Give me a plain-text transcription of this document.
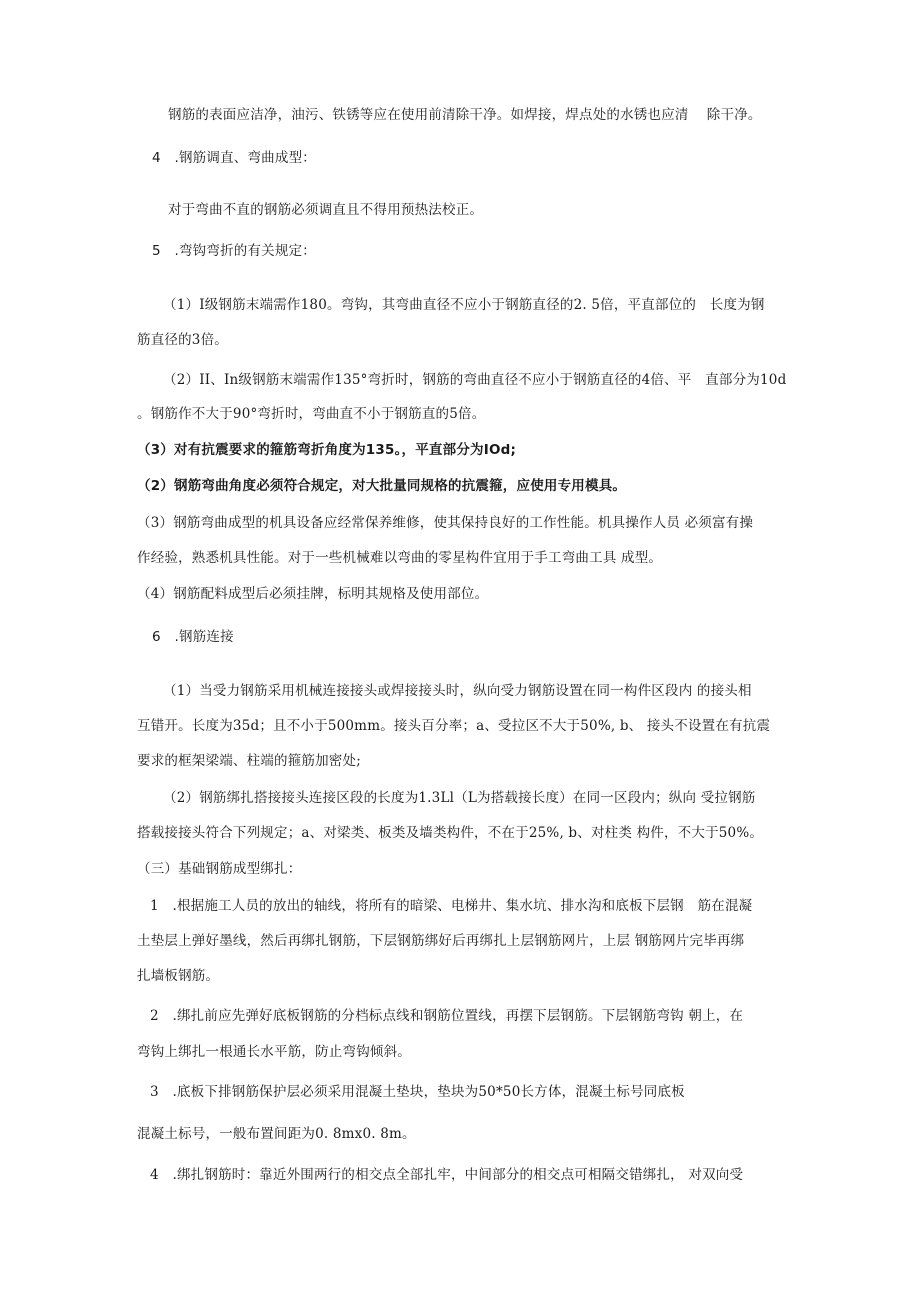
钢筋的表面应洁净，油污、铁锈等应在使用前清除干净。如焊接，焊点处的水锈也应清　 除干净。

4　.钢筋调直、弯曲成型：

对于弯曲不直的钢筋必须调直且不得用预热法校正。

5　.弯钩弯折的有关规定：

（1）I级钢筋末端需作180。弯钩，其弯曲直径不应小于钢筋直径的2. 5倍，平直部位的　长度为钢

筋直径的3倍。

（2）II、In级钢筋末端需作135°弯折时，钢筋的弯曲直径不应小于钢筋直径的4倍、平　直部分为10d

。钢筋作不大于90°弯折时，弯曲直不小于钢筋直的5倍。

（3）对有抗震要求的箍筋弯折角度为135。，平直部分为IOd;

（2）钢筋弯曲角度必须符合规定，对大批量同规格的抗震箍，应使用专用模具。

（3）钢筋弯曲成型的机具设备应经常保养维修，使其保持良好的工作性能。机具操作人员 必须富有操

作经验，熟悉机具性能。对于一些机械难以弯曲的零星构件宜用于手工弯曲工具 成型。

（4）钢筋配料成型后必须挂牌，标明其规格及使用部位。

6　.钢筋连接

（1）当受力钢筋采用机械连接接头或焊接接头时，纵向受力钢筋设置在同一构件区段内 的接头相

互错开。长度为35d；且不小于500mm。接头百分率；a、受拉区不大于50%, b、 接头不设置在有抗震

要求的框架梁端、柱端的箍筋加密处;

（2）钢筋绑扎搭接接头连接区段的长度为1.3Ll（L为搭载接长度）在同一区段内；纵向 受拉钢筋

搭载接接头符合下列规定；a、对梁类、板类及墙类构件，不在于25%, b、对柱类 构件，不大于50%。

（三）基础钢筋成型绑扎：

1　.根据施工人员的放出的轴线，将所有的暗梁、电梯井、集水坑、排水沟和底板下层钢　筋在混凝

土垫层上弹好墨线，然后再绑扎钢筋，下层钢筋绑好后再绑扎上层钢筋网片，上层 钢筋网片完毕再绑

扎墙板钢筋。

2　.绑扎前应先弹好底板钢筋的分档标点线和钢筋位置线，再摆下层钢筋。下层钢筋弯钩 朝上，在

弯钩上绑扎一根通长水平筋，防止弯钩倾斜。

3　.底板下排钢筋保护层必须采用混凝土垫块，垫块为50*50长方体，混凝土标号同底板

混凝土标号，一般布置间距为0. 8mx0. 8m。

4　.绑扎钢筋时：靠近外围两行的相交点全部扎牢，中间部分的相交点可相隔交错绑扎， 对双向受
